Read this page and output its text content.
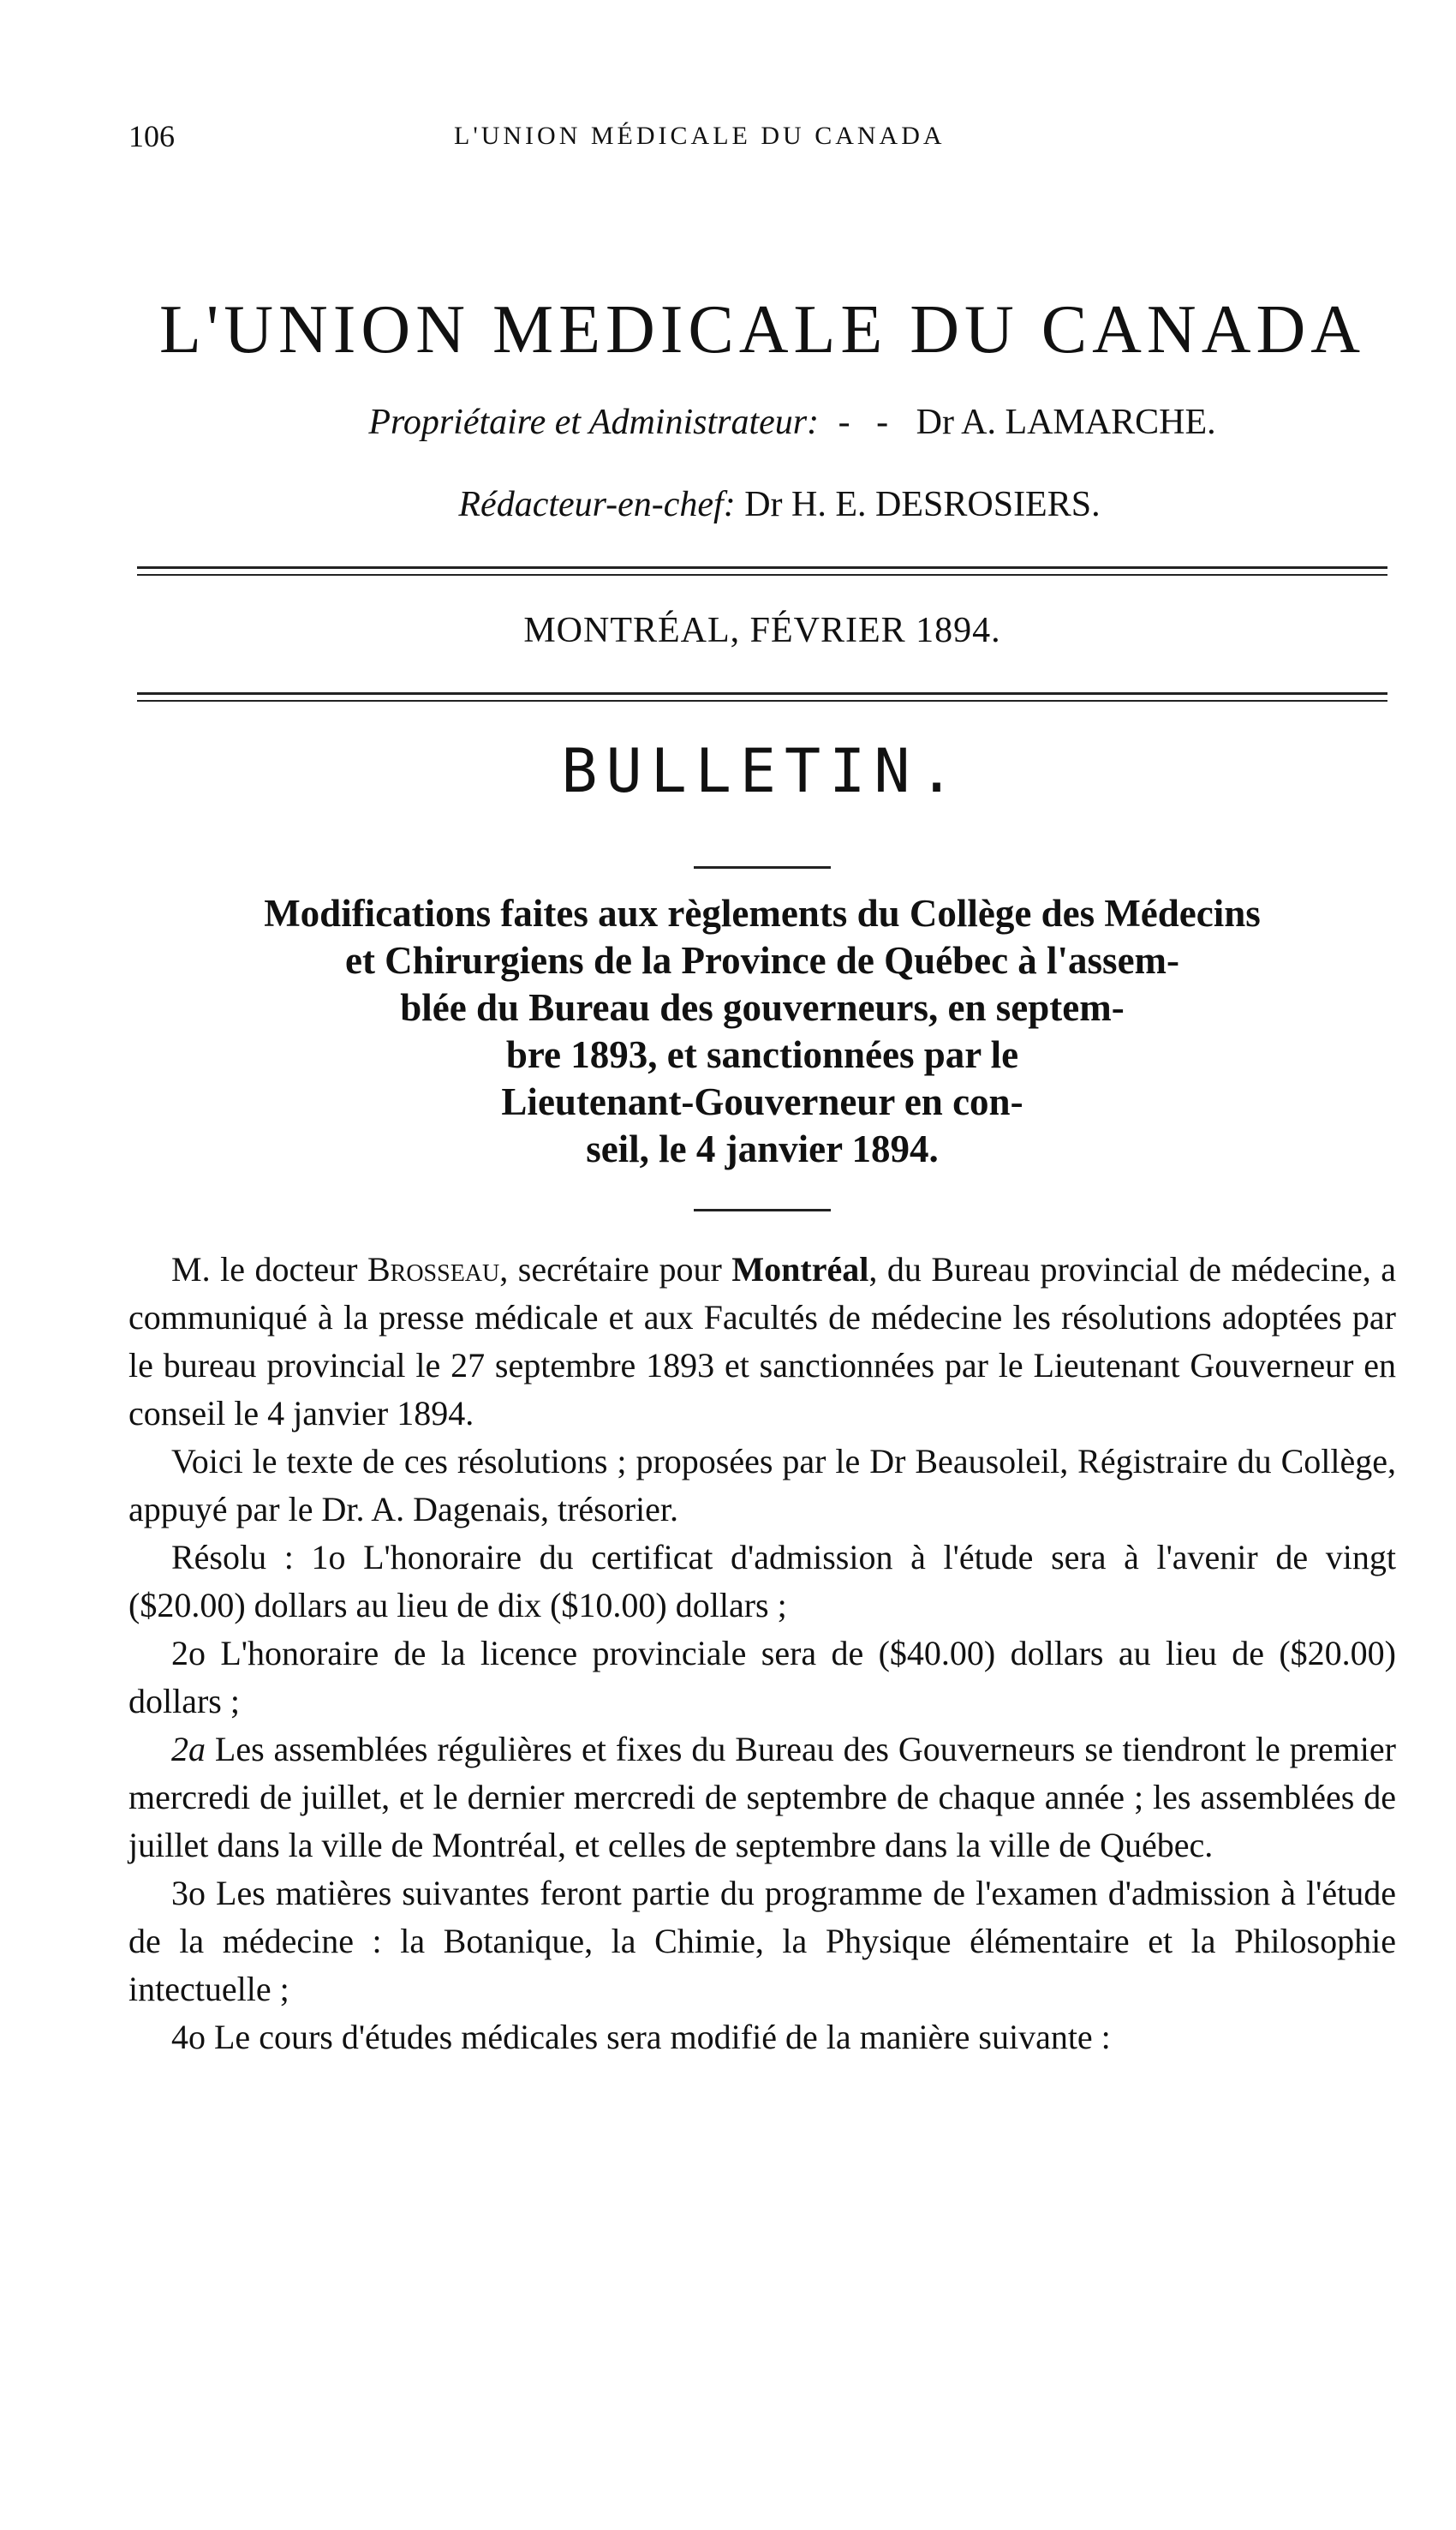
106	L'UNION MÉDICALE DU CANADA
L'UNION MEDICALE DU CANADA
Propriétaire et Administrateur: - - Dr A. LAMARCHE.
Rédacteur-en-chef: Dr H. E. DESROSIERS.
MONTRÉAL, FÉVRIER 1894.
BULLETIN.
Modifications faites aux règlements du Collège des Médecins
et Chirurgiens de la Province de Québec à l'assem-
blée du Bureau des gouverneurs, en septem-
bre 1893, et sanctionnées par le
Lieutenant-Gouverneur en con-
seil, le 4 janvier 1894.

M. le docteur Brosseau, secrétaire pour Montréal, du Bureau provincial de médecine, a communiqué à la presse médicale et aux Facultés de médecine les résolutions adoptées par le bureau provincial le 27 septembre 1893 et sanctionnées par le Lieutenant Gouverneur en conseil le 4 janvier 1894.

Voici le texte de ces résolutions ; proposées par le Dr Beausoleil, Régistraire du Collège, appuyé par le Dr. A. Dagenais, trésorier.

Résolu : 1o L'honoraire du certificat d'admission à l'étude sera à l'avenir de vingt ($20.00) dollars au lieu de dix ($10.00) dollars ;

2o L'honoraire de la licence provinciale sera de ($40.00) dollars au lieu de ($20.00) dollars ;

2a Les assemblées régulières et fixes du Bureau des Gouverneurs se tiendront le premier mercredi de juillet, et le dernier mercredi de septembre de chaque année ; les assemblées de juillet dans la ville de Montréal, et celles de septembre dans la ville de Québec.

3o Les matières suivantes feront partie du programme de l'examen d'admission à l'étude de la médecine : la Botanique, la Chimie, la Physique élémentaire et la Philosophie intectuelle ;

4o Le cours d'études médicales sera modifié de la manière suivante :
